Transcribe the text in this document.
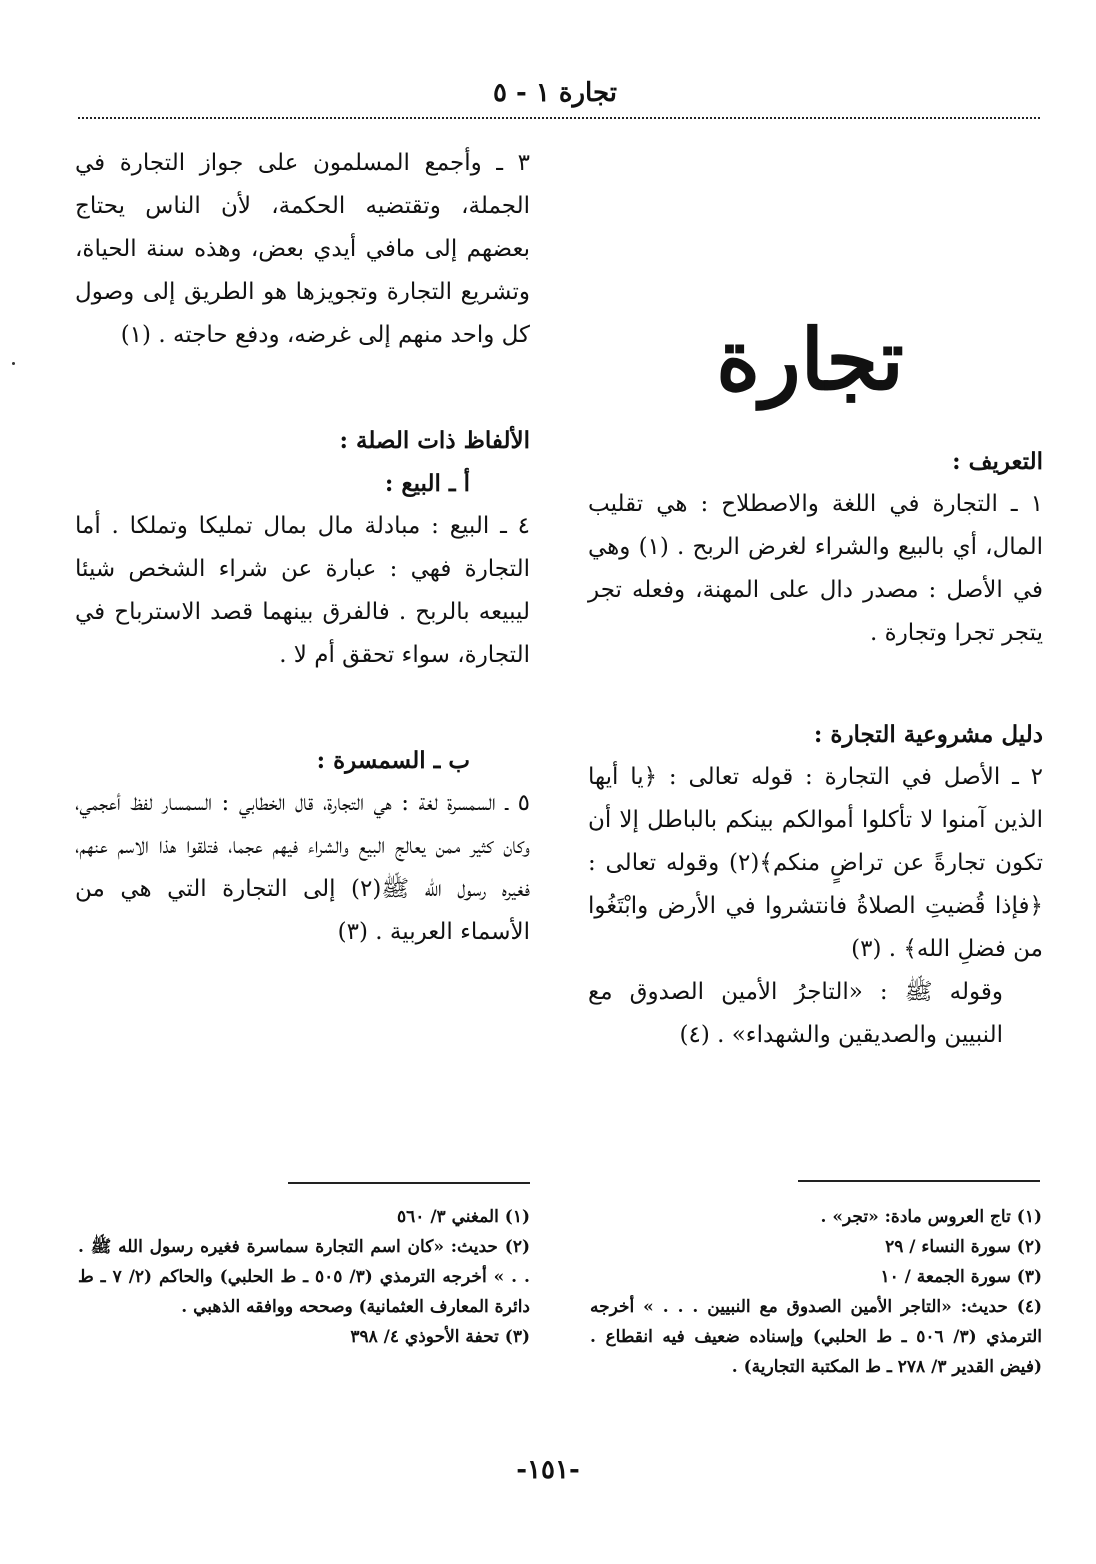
تجارة ١ - ٥

٣ ـ وأجمع المسلمون على جواز التجارة في الجملة، وتقتضيه الحكمة، لأن الناس يحتاج بعضهم إلى مافي أيدي بعض، وهذه سنة الحياة، وتشريع التجارة وتجويزها هو الطريق إلى وصول كل واحد منهم إلى غرضه، ودفع حاجته . (١)

الألفاظ ذات الصلة :

أ ـ البيع :

٤ ـ البيع : مبادلة مال بمال تمليكا وتملكا . أما التجارة فهي : عبارة عن شراء الشخص شيئا ليبيعه بالربح . فالفرق بينهما قصد الاسترباح في التجارة، سواء تحقق أم لا .

ب ـ السمسرة :

٥ ـ السمسرة لغة : هي التجارة، قال الخطابي : السمسار لفظ أعجمي، وكان كثير ممن يعالج البيع والشراء فيهم عجما، فتلقوا هذا الاسم عنهم، فغيره رسول الله ﷺ(٢) إلى التجارة التي هي من الأسماء العربية . (٣)

تجارة

التعريف :

١ ـ التجارة في اللغة والاصطلاح : هي تقليب المال، أي بالبيع والشراء لغرض الربح . (١) وهي في الأصل : مصدر دال على المهنة، وفعله تجر يتجر تجرا وتجارة .

دليل مشروعية التجارة :

٢ ـ الأصل في التجارة : قوله تعالى : ﴿يا أيها الذين آمنوا لا تأكلوا أموالكم بينكم بالباطل إلا أن تكون تجارةً عن تراضٍ منكم﴾(٢) وقوله تعالى : ﴿فإذا قُضيتِ الصلاةُ فانتشروا في الأرض وابْتَغُوا من فضلِ الله﴾ . (٣)

وقوله ﷺ : «التاجرُ الأمين الصدوق مع النبيين والصديقين والشهداء» . (٤)

(١) تاج العروس مادة: «تجر» .

(٢) سورة النساء / ٢٩

(٣) سورة الجمعة / ١٠

(٤) حديث: «التاجر الأمين الصدوق مع النبيين . . . » أخرجه الترمذي (٣/ ٥٠٦ ـ ط الحلبي) وإسناده ضعيف فيه انقطاع . (فيض القدير ٣/ ٢٧٨ ـ ط المكتبة التجارية) .

(١) المغني ٣/ ٥٦٠

(٢) حديث: «كان اسم التجارة سماسرة فغيره رسول الله ﷺ . . . » أخرجه الترمذي (٣/ ٥٠٥ ـ ط الحلبي) والحاكم (٢/ ٧ ـ ط دائرة المعارف العثمانية) وصححه ووافقه الذهبي .

(٣) تحفة الأحوذي ٤/ ٣٩٨

-١٥١-
